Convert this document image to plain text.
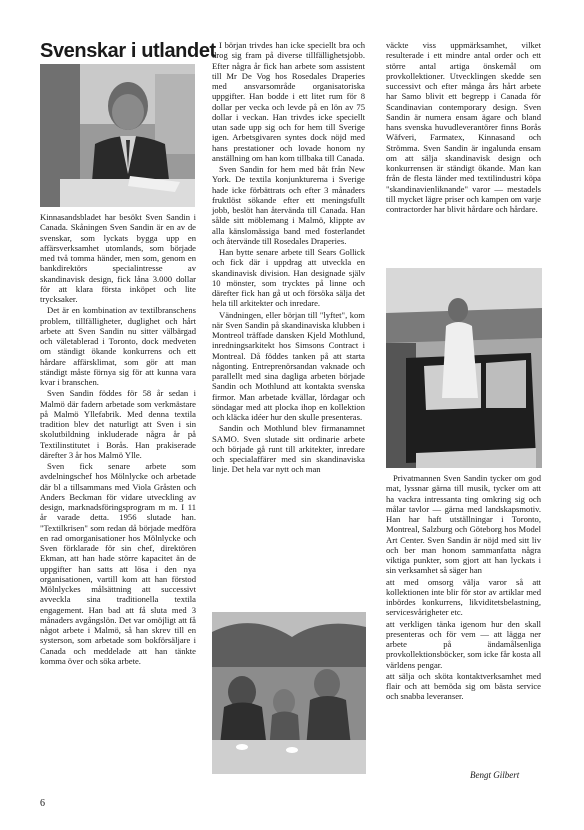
Svenskar i utlandet

Kinnasandsbladet har besökt Sven Sandin i Canada. Skåningen Sven Sandin är en av de svenskar, som lyckats bygga upp en affärsverksamhet utomlands, som började med två tomma händer, men som, genom en bankdirektörs specialintresse av skandinavisk design, fick låna 3.000 dollar för att klara första inköpet och lite trycksaker.

Det är en kombination av textilbranschens problem, tillfälligheter, duglighet och hårt arbete att Sven Sandin nu sitter välbärgad och väletablerad i Toronto, dock medveten om ständigt ökande konkurrens och ett hårdare affärsklimat, som gör att man ständigt måste förnya sig för att kunna vara kvar i branschen.

Sven Sandin föddes för 58 år sedan i Malmö där fadern arbetade som verkmästare på Malmö Yllefabrik. Med denna textila tradition blev det naturligt att Sven i sin skolutbildning inkluderade några år på Textilinstitutet i Borås. Han prakiserade därefter 3 år hos Malmö Ylle.

Sven fick senare arbete som avdelningschef hos Mölnlycke och arbetade där bl a tillsammans med Viola Gråsten och Anders Beckman för vidare utveckling av design, marknadsföringsprogram m m. I 11 år varade detta. 1956 slutade han. "Textilkrisen" som redan då började medföra en rad omorganisationer hos Mölnlycke och Sven förklarade för sin chef, direktören Ekman, att han hade större kapacitet än de uppgifter han satts att lösa i den nya organisationen, vartill kom att han förstod Mölnlyckes målsättning att successivt avveckla sina traditionella textila engagement. Han bad att få sluta med 3 månaders avgångslön. Det var omöjligt att få något arbete i Malmö, så han skrev till en systerson, som arbetade som bokförsäljare i Canada och meddelade att han tänkte komma över och söka arbete.

I början trivdes han icke speciellt bra och drog sig fram på diverse tillfällighetsjobb. Efter några år fick han arbete som assistent till Mr De Vog hos Rosedales Draperies med ansvarsområde organisatoriska uppgifter. Han bodde i ett litet rum för 8 dollar per vecka och levde på en lön av 75 dollar i veckan. Han trivdes icke speciellt utan sade upp sig och for hem till Sverige igen. Arbetsgivaren syntes dock nöjd med hans prestationer och lovade honom ny anställning om han kom tillbaka till Canada.

Sven Sandin for hem med båt från New York. De textila konjunkturerna i Sverige hade icke förbättrats och efter 3 månaders fruktlöst sökande efter ett meningsfullt jobb, beslöt han återvända till Canada. Han sålde sitt möblemang i Malmö, klippte av alla känslomässiga band med fosterlandet och återvände till Rosedales Draperies.

Han bytte senare arbete till Sears Gollick och fick där i uppdrag att utveckla en skandinavisk division. Han designade själv 10 mönster, som trycktes på linne och därefter fick han gå ut och försöka sälja det hela till arkitekter och inredare.

Vändningen, eller början till "lyftet", kom när Sven Sandin på skandinaviska klubben i Montreol träffade dansken Kjeld Mothlund, inredningsarkitekt hos Simsons Contract i Montreal. Då föddes tanken på att starta någonting. Entreprenörsandan vaknade och parallellt med sina dagliga arbeten började Sandin och Mothlund att kontakta svenska firmor. Man arbetade kvällar, lördagar och söndagar med att plocka ihop en kollektion och kläcka idéer hur den skulle presenteras.

Sandin och Mothlund blev firmanamnet SAMO. Sven slutade sitt ordinarie arbete och började gå runt till arkitekter, inredare och specialaffärer med sin skandinaviska linje. Det hela var nytt och man

väckte viss uppmärksamhet, vilket resulterade i ett mindre antal order och ett större antal artiga önskemål om provkollektioner. Utvecklingen skedde sen successivt och efter många års hårt arbete har Samo blivit ett begrepp i Canada för Scandinavian contemporary design. Sven Sandin är numera ensam ägare och bland hans svenska huvudleverantörer finns Borås Wäfveri, Farmatex, Kinnasand och Strömma. Sven Sandin är ingalunda ensam om att sälja skandinavisk design och konkurrensen är ständigt ökande. Man kan från de flesta länder med textilindustri köpa "skandinavienliknande" varor — mestadels till mycket lägre priser och kampen om varje contractorder har blivit hårdare och hårdare.

Privatmannen Sven Sandin tycker om god mat, lyssnar gärna till musik, tycker om att ha vackra intressanta ting omkring sig och målar tavlor — gärna med landskapsmotiv. Han har haft utställningar i Toronto, Montreal, Salzburg och Göteborg hos Model Art Center. Sven Sandin är nöjd med sitt liv och ber man honom sammanfatta några viktiga punkter, som gjort att han lyckats i sin verksamhet så säger han

att med omsorg välja varor så att kollektionen inte blir för stor av artiklar med inbördes konkurrens, likviditetsbelastning, servicesvårigheter etc.

att verkligen tänka igenom hur den skall presenteras och för vem — att lägga ner arbete på ändamålsenliga provkollektionsböcker, som icke får kosta all världens pengar.

att sälja och sköta kontaktverksamhet med flair och att bemöda sig om bästa service och snabba leveranser.

Bengt Gilbert
6
